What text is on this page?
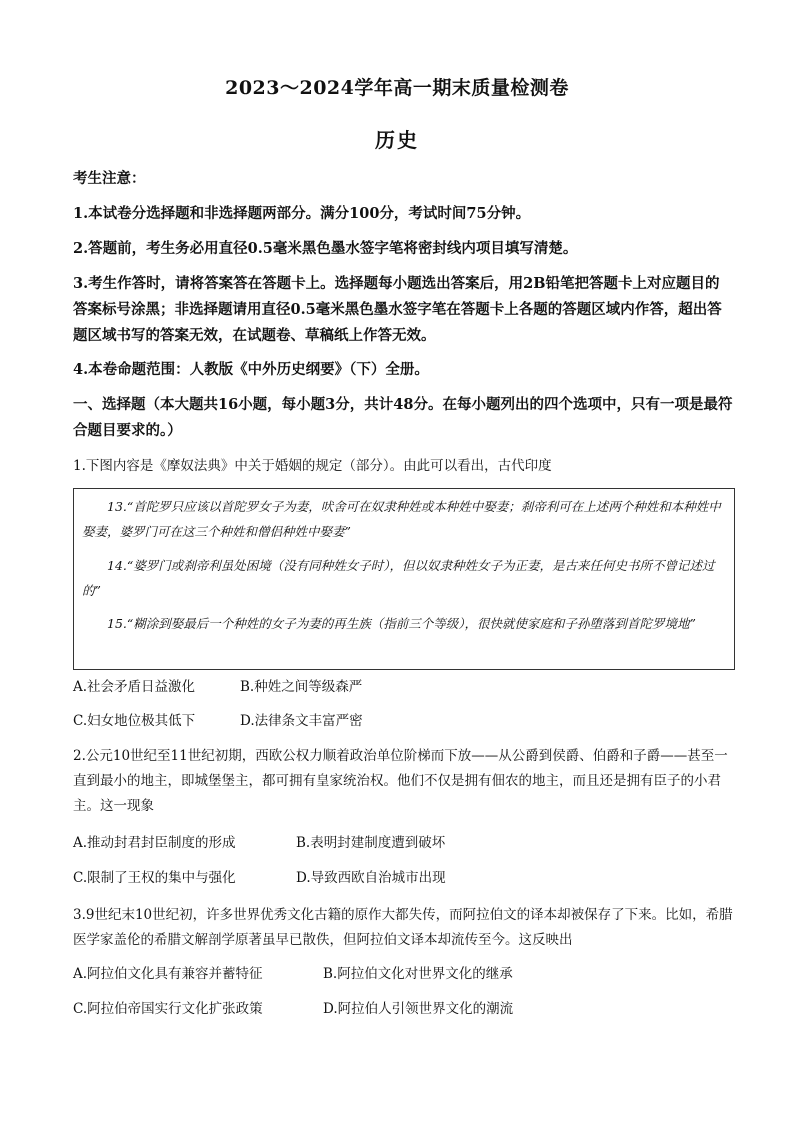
2023～2024学年高一期末质量检测卷
历史
考生注意：
1.本试卷分选择题和非选择题两部分。满分100分，考试时间75分钟。
2.答题前，考生务必用直径0.5毫米黑色墨水签字笔将密封线内项目填写清楚。
3.考生作答时，请将答案答在答题卡上。选择题每小题选出答案后，用2B铅笔把答题卡上对应题目的答案标号涂黑；非选择题请用直径0.5毫米黑色墨水签字笔在答题卡上各题的答题区域内作答，超出答题区域书写的答案无效，在试题卷、草稿纸上作答无效。
4.本卷命题范围：人教版《中外历史纲要》（下）全册。
一、选择题（本大题共16小题，每小题3分，共计48分。在每小题列出的四个选项中，只有一项是最符合题目要求的。）
1.下图内容是《摩奴法典》中关于婚姻的规定（部分）。由此可以看出，古代印度
13.“首陀罗只应该以首陀罗女子为妻，吠舍可在奴隶种姓或本种姓中娶妻；刹帝利可在上述两个种姓和本种姓中娶妻，婆罗门可在这三个种姓和僧侣种姓中娶妻”
14.“婆罗门或刹帝利虽处困境（没有同种姓女子时），但以奴隶种姓女子为正妻，是古来任何史书所不曾记述过的”
15.“糊涂到娶最后一个种姓的女子为妻的再生族（指前三个等级），很快就使家庭和子孙堕落到首陀罗境地”
A.社会矛盾日益激化	B.种姓之间等级森严
C.妇女地位极其低下	D.法律条文丰富严密
2.公元10世纪至11世纪初期，西欧公权力顺着政治单位阶梯而下放——从公爵到侯爵、伯爵和子爵——甚至一直到最小的地主，即城堡堡主，都可拥有皇家统治权。他们不仅是拥有佃农的地主，而且还是拥有臣子的小君主。这一现象
A.推动封君封臣制度的形成	B.表明封建制度遭到破坏
C.限制了王权的集中与强化	D.导致西欧自治城市出现
3.9世纪末10世纪初，许多世界优秀文化古籍的原作大都失传，而阿拉伯文的译本却被保存了下来。比如，希腊医学家盖伦的希腊文解剖学原著虽早已散佚，但阿拉伯文译本却流传至今。这反映出
A.阿拉伯文化具有兼容并蓄特征	B.阿拉伯文化对世界文化的继承
C.阿拉伯帝国实行文化扩张政策	D.阿拉伯人引领世界文化的潮流
